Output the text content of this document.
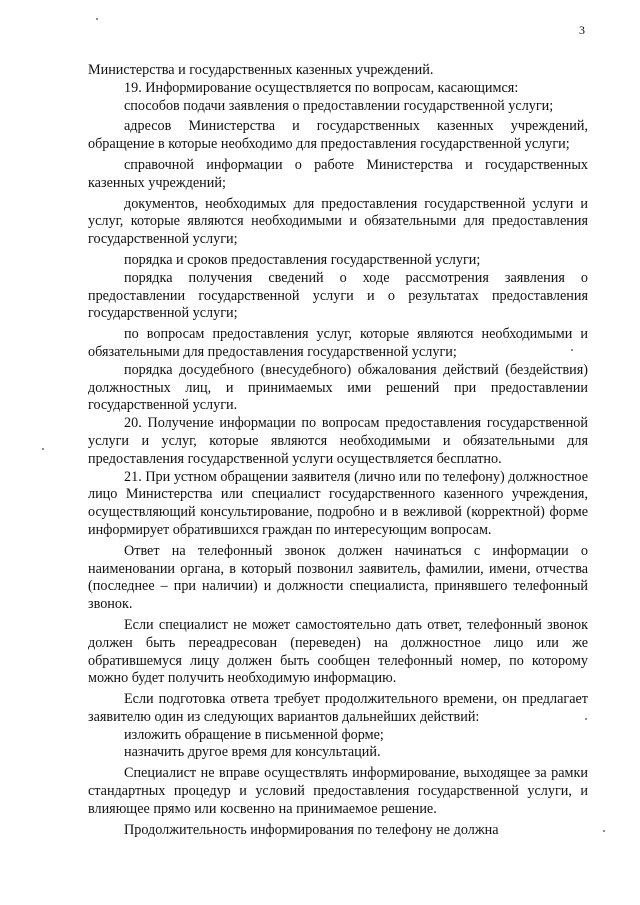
3

Министерства и государственных казенных учреждений.

19. Информирование осуществляется по вопросам, касающимся:

способов подачи заявления о предоставлении государственной услуги;

адресов Министерства и государственных казенных учреждений, обращение в которые необходимо для предоставления государственной услуги;

справочной информации о работе Министерства и государственных казенных учреждений;

документов, необходимых для предоставления государственной услуги и услуг, которые являются необходимыми и обязательными для предоставления государственной услуги;

порядка и сроков предоставления государственной услуги;

порядка получения сведений о ходе рассмотрения заявления о предоставлении государственной услуги и о результатах предоставления государственной услуги;

по вопросам предоставления услуг, которые являются необходимыми и обязательными для предоставления государственной услуги;

порядка досудебного (внесудебного) обжалования действий (бездействия) должностных лиц, и принимаемых ими решений при предоставлении государственной услуги.

20. Получение информации по вопросам предоставления государственной услуги и услуг, которые являются необходимыми и обязательными для предоставления государственной услуги осуществляется бесплатно.

21. При устном обращении заявителя (лично или по телефону) должностное лицо Министерства или специалист государственного казенного учреждения, осуществляющий консультирование, подробно и в вежливой (корректной) форме информирует обратившихся граждан по интересующим вопросам.

Ответ на телефонный звонок должен начинаться с информации о наименовании органа, в который позвонил заявитель, фамилии, имени, отчества (последнее – при наличии) и должности специалиста, принявшего телефонный звонок.

Если специалист не может самостоятельно дать ответ, телефонный звонок должен быть переадресован (переведен) на должностное лицо или же обратившемуся лицу должен быть сообщен телефонный номер, по которому можно будет получить необходимую информацию.

Если подготовка ответа требует продолжительного времени, он предлагает заявителю один из следующих вариантов дальнейших действий:

изложить обращение в письменной форме;

назначить другое время для консультаций.

Специалист не вправе осуществлять информирование, выходящее за рамки стандартных процедур и условий предоставления государственной услуги, и влияющее прямо или косвенно на принимаемое решение.

Продолжительность информирования по телефону не должна
